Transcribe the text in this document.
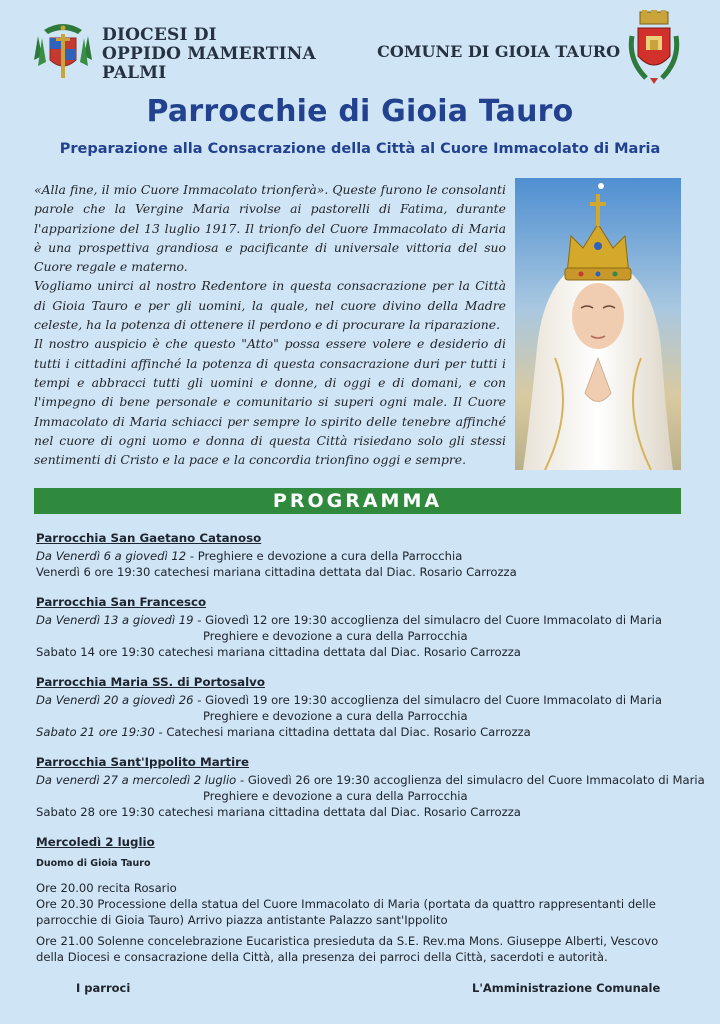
DIOCESI DI
OPPIDO MAMERTINA
PALMI
COMUNE DI GIOIA TAURO
Parrocchie di Gioia Tauro
Preparazione alla Consacrazione della Città al Cuore Immacolato di Maria

«Alla fine, il mio Cuore Immacolato trionferà». Queste furono le consolanti parole che la Vergine Maria rivolse ai pastorelli di Fatima, durante l'apparizione del 13 luglio 1917. Il trionfo del Cuore Immacolato di Maria è una prospettiva grandiosa e pacificante di universale vittoria del suo Cuore regale e materno.

Vogliamo unirci al nostro Redentore in questa consacrazione per la Città di Gioia Tauro e per gli uomini, la quale, nel cuore divino della Madre celeste, ha la potenza di ottenere il perdono e di procurare la riparazione.

Il nostro auspicio è che questo "Atto" possa essere volere e desiderio di tutti i cittadini affinché la potenza di questa consacrazione duri per tutti i tempi e abbracci tutti gli uomini e donne, di oggi e di domani, e con l'impegno di bene personale e comunitario si superi ogni male. Il Cuore Immacolato di Maria schiacci per sempre lo spirito delle tenebre affinché nel cuore di ogni uomo e donna di questa Città risiedano solo gli stessi sentimenti di Cristo e la pace e la concordia trionfino oggi e sempre.

PROGRAMMA
Parrocchia San Gaetano Catanoso
Da Venerdì 6 a giovedì 12 - Preghiere e devozione a cura della Parrocchia
Venerdì 6 ore 19:30 catechesi mariana cittadina dettata dal Diac. Rosario Carrozza
Parrocchia San Francesco
Da Venerdì 13 a giovedì 19 - Giovedì 12 ore 19:30 accoglienza del simulacro del Cuore Immacolato di Maria
Preghiere e devozione a cura della Parrocchia
Sabato 14 ore 19:30 catechesi mariana cittadina dettata dal Diac. Rosario Carrozza
Parrocchia Maria SS. di Portosalvo
Da Venerdì 20 a giovedì 26 - Giovedì 19 ore 19:30 accoglienza del simulacro del Cuore Immacolato di Maria
Preghiere e devozione a cura della Parrocchia
Sabato 21 ore 19:30 - Catechesi mariana cittadina dettata dal Diac. Rosario Carrozza
Parrocchia Sant'Ippolito Martire
Da venerdì 27 a mercoledì 2 luglio - Giovedì 26 ore 19:30 accoglienza del simulacro del Cuore Immacolato di Maria
Preghiere e devozione a cura della Parrocchia
Sabato 28 ore 19:30 catechesi mariana cittadina dettata dal Diac. Rosario Carrozza
Mercoledì 2 luglio
Duomo di Gioia Tauro
Ore 20.00 recita Rosario
Ore 20.30 Processione della statua del Cuore Immacolato di Maria (portata da quattro rappresentanti delle parrocchie di Gioia Tauro) Arrivo piazza antistante Palazzo sant'Ippolito
Ore 21.00 Solenne concelebrazione Eucaristica presieduta da S.E. Rev.ma Mons. Giuseppe Alberti, Vescovo della Diocesi e consacrazione della Città, alla presenza dei parroci della Città, sacerdoti e autorità.
I parroci	L'Amministrazione Comunale
